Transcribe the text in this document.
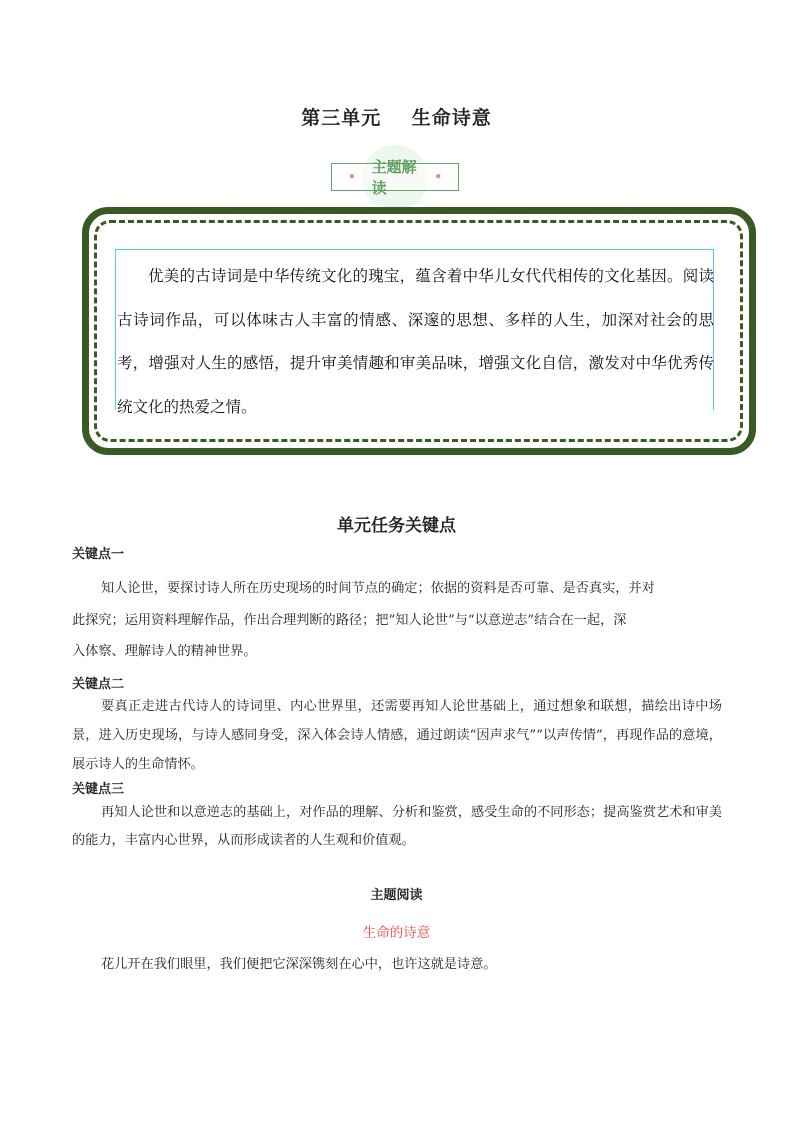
第三单元    生命诗意
•
主题解读
•

优美的古诗词是中华传统文化的瑰宝，蕴含着中华儿女代代相传的文化基因。阅读古诗词作品，可以体味古人丰富的情感、深邃的思想、多样的人生，加深对社会的思考，增强对人生的感悟，提升审美情趣和审美品味，增强文化自信，激发对中华优秀传统文化的热爱之情。

单元任务关键点
关键点一

知人论世，要探讨诗人所在历史现场的时间节点的确定；依据的资料是否可靠、是否真实，并对

此探究；运用资料理解作品，作出合理判断的路径；把“知人论世”与“以意逆志”结合在一起，深

入体察、理解诗人的精神世界。

关键点二

要真正走进古代诗人的诗词里、内心世界里，还需要再知人论世基础上，通过想象和联想，描绘出诗中场景，进入历史现场，与诗人感同身受，深入体会诗人情感，通过朗读“因声求气”“以声传情”，再现作品的意境，展示诗人的生命情怀。

关键点三

再知人论世和以意逆志的基础上，对作品的理解、分析和鉴赏，感受生命的不同形态；提高鉴赏艺术和审美的能力，丰富内心世界，从而形成读者的人生观和价值观。

主题阅读
生命的诗意

花儿开在我们眼里，我们便把它深深镌刻在心中，也许这就是诗意。
